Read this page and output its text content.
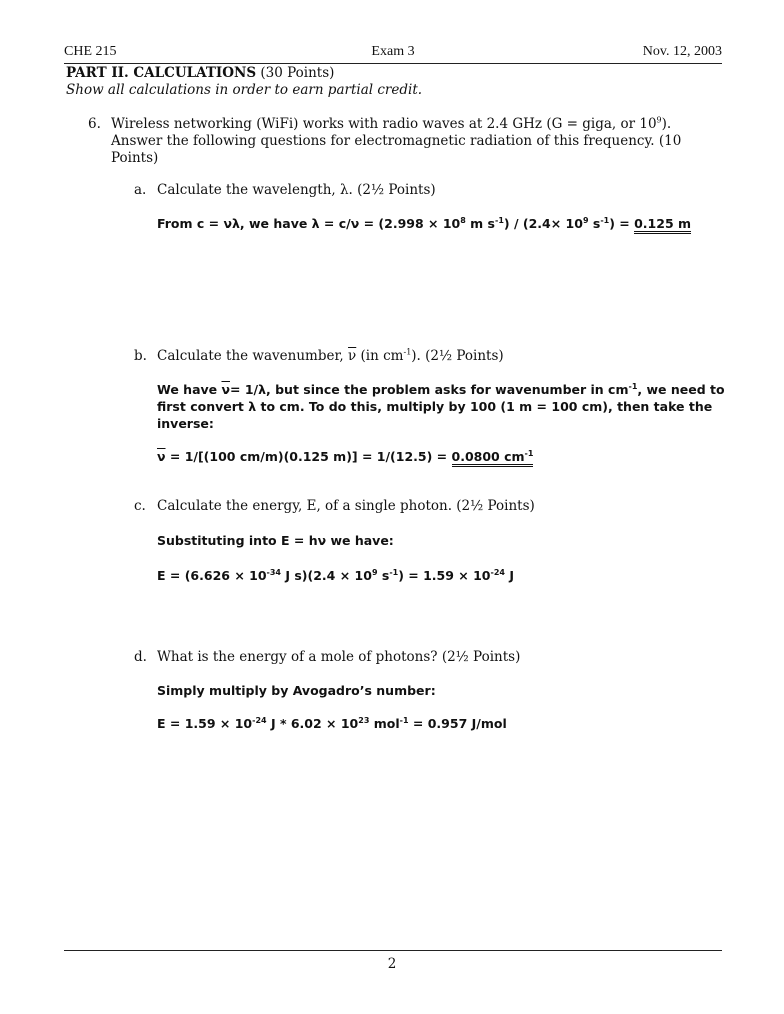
CHE 215	Exam 3	Nov. 12, 2003
PART II. CALCULATIONS (30 Points)
Show all calculations in order to earn partial credit.
6. Wireless networking (WiFi) works with radio waves at 2.4 GHz (G = giga, or $10^9$). Answer the following questions for electromagnetic radiation of this frequency. (10 Points)
a. Calculate the wavelength, λ. (2½ Points)
From c = νλ, we have $\lambda = c/\nu = (2.998 \times 10^8$ m $s^{-1}) / (2.4\times 10^9$ $s^{-1}) = 0.125$ m
b. Calculate the wavenumber, $\overline{\nu}$ (in $cm^{-1}$). (2½ Points)
We have $\overline{\nu}= 1/\lambda$, but since the problem asks for wavenumber in $cm^{-1}$, we need to first convert λ to cm. To do this, multiply by 100 (1 m = 100 cm), then take the inverse:
$\overline{\nu} = 1/[(100$ cm/m)(0.125 m)] = 1/(12.5) = 0.0800 $cm^{-1}$
c. Calculate the energy, E, of a single photon. (2½ Points)
Substituting into E = hν we have:
$E = (6.626 \times 10^{-34}$ J $s)(2.4 \times 10^9$ $s^{-1}) = 1.59 \times 10^{-24}$ J
d. What is the energy of a mole of photons? (2½ Points)
Simply multiply by Avogadro’s number:
$E = 1.59 \times 10^{-24}$ $J * 6.02 \times 10^{23}$ mol$^{-1}$ = 0.957 J/mol
2
